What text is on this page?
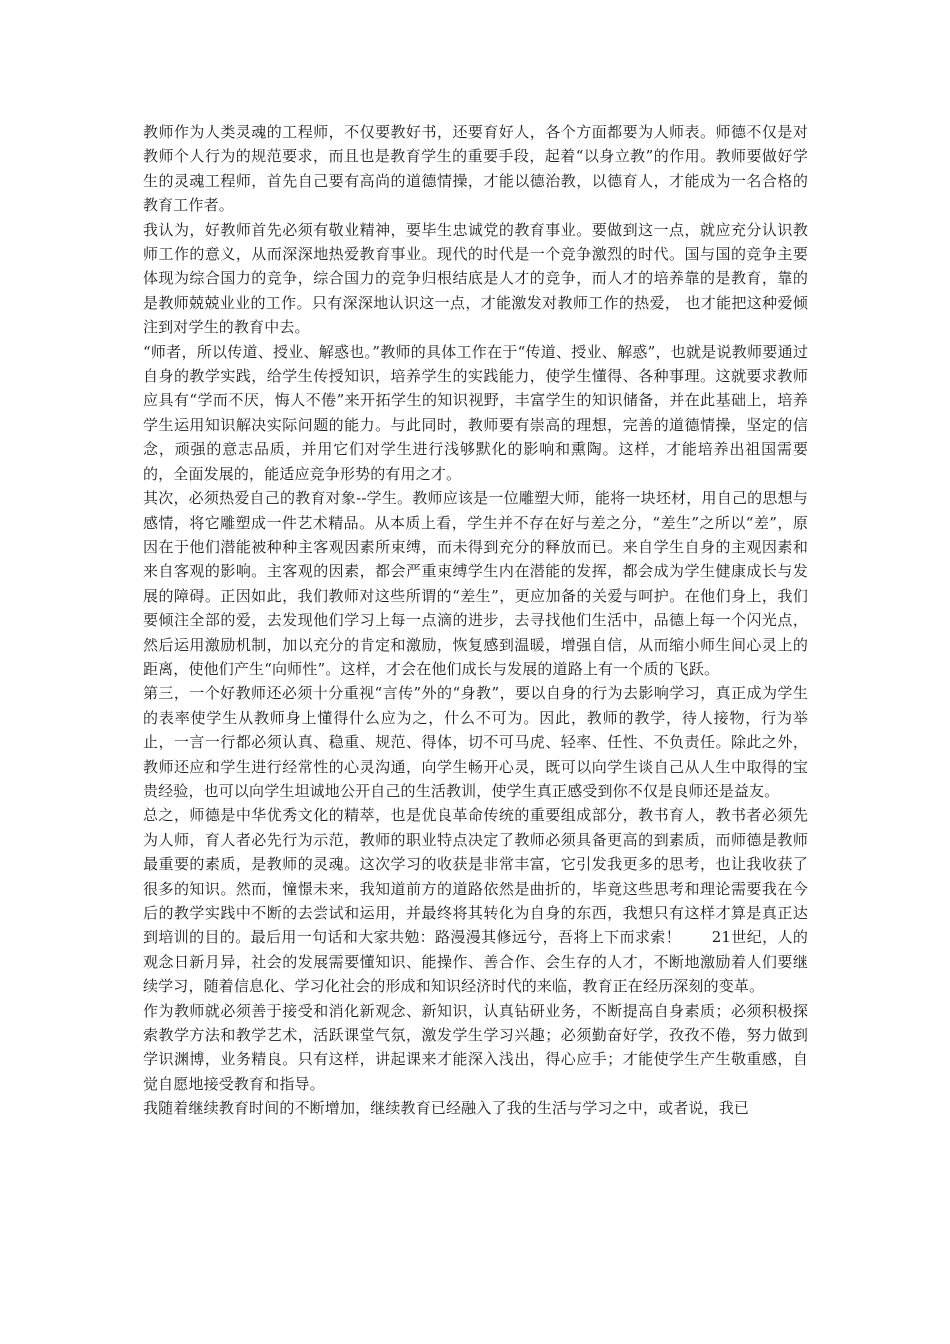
教师作为人类灵魂的工程师，不仅要教好书，还要育好人，各个方面都要为人师表。师德不仅是对教师个人行为的规范要求，而且也是教育学生的重要手段，起着“以身立教”的作用。教师要做好学生的灵魂工程师，首先自己要有高尚的道德情操，才能以德治教，以德育人，才能成为一名合格的教育工作者。

我认为，好教师首先必须有敬业精神，要毕生忠诚党的教育事业。要做到这一点，就应充分认识教师工作的意义，从而深深地热爱教育事业。现代的时代是一个竞争激烈的时代。国与国的竞争主要体现为综合国力的竞争，综合国力的竞争归根结底是人才的竞争，而人才的培养靠的是教育，靠的是教师兢兢业业的工作。只有深深地认识这一点，才能激发对教师工作的热爱， 也才能把这种爱倾注到对学生的教育中去。

“师者，所以传道、授业、解惑也。”教师的具体工作在于“传道、授业、解惑”，也就是说教师要通过自身的教学实践，给学生传授知识，培养学生的实践能力，使学生懂得、各种事理。这就要求教师应具有“学而不厌，悔人不倦”来开拓学生的知识视野，丰富学生的知识储备，并在此基础上，培养学生运用知识解决实际问题的能力。与此同时，教师要有崇高的理想，完善的道德情操，坚定的信念，顽强的意志品质，并用它们对学生进行浅够默化的影响和熏陶。这样，才能培养出祖国需要的，全面发展的，能适应竞争形势的有用之才。

其次，必须热爱自己的教育对象--学生。教师应该是一位雕塑大师，能将一块坯材，用自己的思想与感情，将它雕塑成一件艺术精品。从本质上看，学生并不存在好与差之分，“差生”之所以“差”，原因在于他们潜能被种种主客观因素所束缚，而未得到充分的释放而已。来自学生自身的主观因素和来自客观的影响。主客观的因素，都会严重束缚学生内在潜能的发挥，都会成为学生健康成长与发展的障碍。正因如此，我们教师对这些所谓的“差生”，更应加备的关爱与呵护。在他们身上，我们要倾注全部的爱，去发现他们学习上每一点滴的进步，去寻找他们生活中，品德上每一个闪光点，然后运用激励机制，加以充分的肯定和激励，恢复感到温暖，增强自信，从而缩小师生间心灵上的距离，使他们产生“向师性”。这样，才会在他们成长与发展的道路上有一个质的飞跃。

第三，一个好教师还必须十分重视“言传”外的“身教”，要以自身的行为去影响学习，真正成为学生的表率使学生从教师身上懂得什么应为之，什么不可为。因此，教师的教学，待人接物，行为举止，一言一行都必须认真、稳重、规范、得体，切不可马虎、轻率、任性、不负责任。除此之外，教师还应和学生进行经常性的心灵沟通，向学生畅开心灵，既可以向学生谈自己从人生中取得的宝贵经验，也可以向学生坦诚地公开自己的生活教训，使学生真正感受到你不仅是良师还是益友。

总之，师德是中华优秀文化的精萃，也是优良革命传统的重要组成部分，教书育人，教书者必须先为人师，育人者必先行为示范，教师的职业特点决定了教师必须具备更高的到素质，而师德是教师最重要的素质，是教师的灵魂。这次学习的收获是非常丰富，它引发我更多的思考，也让我收获了很多的知识。然而，憧憬未来，我知道前方的道路依然是曲折的，毕竟这些思考和理论需要我在今后的教学实践中不断的去尝试和运用，并最终将其转化为自身的东西，我想只有这样才算是真正达到培训的目的。最后用一句话和大家共勉：路漫漫其修远兮，吾将上下而求索！　　21世纪，人的观念日新月异，社会的发展需要懂知识、能操作、善合作、会生存的人才，不断地激励着人们要继续学习，随着信息化、学习化社会的形成和知识经济时代的来临，教育正在经历深刻的变革。

作为教师就必须善于接受和消化新观念、新知识，认真钻研业务，不断提高自身素质；必须积极探索教学方法和教学艺术，活跃课堂气氛，激发学生学习兴趣；必须勤奋好学，孜孜不倦，努力做到学识渊博，业务精良。只有这样，讲起课来才能深入浅出，得心应手；才能使学生产生敬重感，自觉自愿地接受教育和指导。

我随着继续教育时间的不断增加，继续教育已经融入了我的生活与学习之中，或者说，我已
